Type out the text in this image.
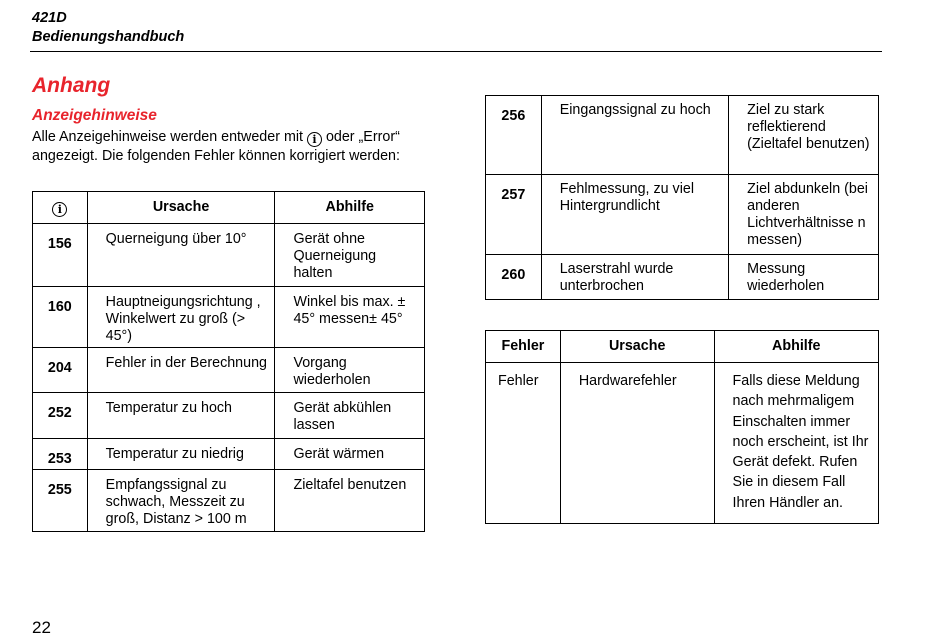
421D
Bedienungshandbuch
Anhang
Anzeigehinweise
Alle Anzeigehinweise werden entweder mit i oder „Error“ angezeigt. Die folgenden Fehler können korrigiert werden:
i	Ursache	Abhilfe
156	Querneigung über 10°	Gerät ohne Querneigung halten
160	Hauptneigungsrichtung , Winkelwert zu groß (> 45°)	Winkel bis max. ± 45° messen± 45°
204	Fehler in der Berechnung	Vorgang wiederholen
252	Temperatur zu hoch	Gerät abkühlen lassen
253	Temperatur zu niedrig	Gerät wärmen
255	Empfangssignal zu schwach, Messzeit zu groß, Distanz > 100 m	Zieltafel benutzen
256	Eingangssignal zu hoch	Ziel zu stark reflektierend (Zieltafel benutzen)
257	Fehlmessung, zu viel Hintergrundlicht	Ziel abdunkeln (bei anderen Lichtverhältnisse n messen)
260	Laserstrahl wurde unterbrochen	Messung wiederholen
Fehler	Ursache	Abhilfe
Fehler	Hardwarefehler	Falls diese Meldung nach mehrmaligem Einschalten immer noch erscheint, ist Ihr Gerät defekt. Rufen Sie in diesem Fall Ihren Händler an.
22
